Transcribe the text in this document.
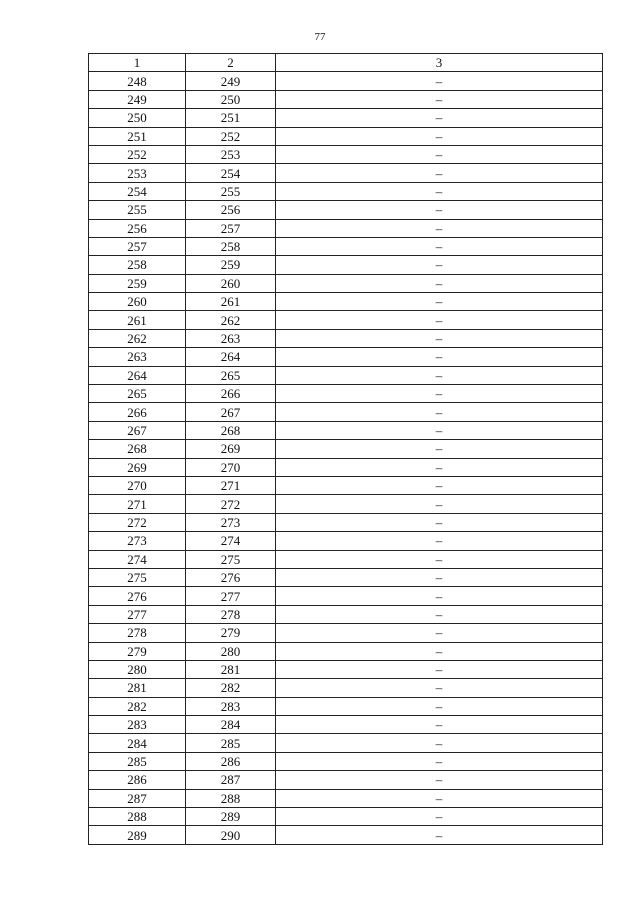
77
1	2	3
248	249	–
249	250	–
250	251	–
251	252	–
252	253	–
253	254	–
254	255	–
255	256	–
256	257	–
257	258	–
258	259	–
259	260	–
260	261	–
261	262	–
262	263	–
263	264	–
264	265	–
265	266	–
266	267	–
267	268	–
268	269	–
269	270	–
270	271	–
271	272	–
272	273	–
273	274	–
274	275	–
275	276	–
276	277	–
277	278	–
278	279	–
279	280	–
280	281	–
281	282	–
282	283	–
283	284	–
284	285	–
285	286	–
286	287	–
287	288	–
288	289	–
289	290	–
